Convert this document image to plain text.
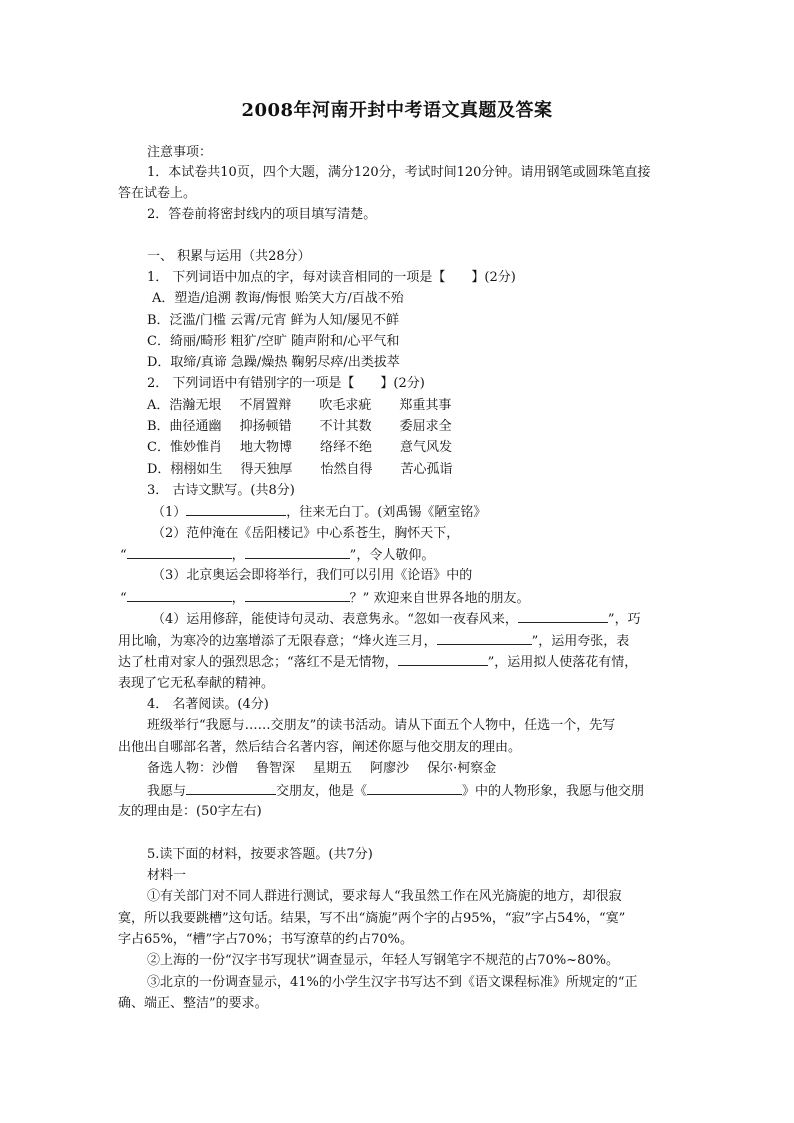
2008年河南开封中考语文真题及答案
注意事项：
1．本试卷共10页，四个大题，满分120分，考试时间120分钟。请用钢笔或圆珠笔直接
答在试卷上。
2．答卷前将密封线内的项目填写清楚。
一、 积累与运用（共28分）
1． 下列词语中加点的字，每对读音相同的一项是【　　】(2分)
A．塑造/追溯 教诲/悔恨 贻笑大方/百战不殆
B．泛滥/门槛 云霄/元宵 鲜为人知/屡见不鲜
C．绮丽/畸形 粗犷/空旷 随声附和/心平气和
D．取缔/真谛 急躁/燥热 鞠躬尽瘁/出类拔萃
2． 下列词语中有错别字的一项是【　　】(2分)
A．浩瀚无垠 不屑置辩 吹毛求疵 郑重其事
B．曲径通幽 抑扬顿错 不计其数 委屈求全
C．惟妙惟肖 地大物博 络绎不绝 意气风发
D．栩栩如生 得天独厚 怡然自得 苦心孤诣
3． 古诗文默写。(共8分)
（1）	，往来无白丁。(刘禹锡《陋室铭》
（2）范仲淹在《岳阳楼记》中心系苍生，胸怀天下，
“	，	”，令人敬仰。
（3）北京奥运会即将举行，我们可以引用《论语》中的
“	，	？” 欢迎来自世界各地的朋友。
（4）运用修辞，能使诗句灵动、表意隽永。“忽如一夜春风来，	”，巧
用比喻，为寒冷的边塞增添了无限春意；“烽火连三月，	”，运用夸张，表
达了杜甫对家人的强烈思念；“落红不是无情物，	”，运用拟人使落花有情，
表现了它无私奉献的精神。
4． 名著阅读。(4分)
班级举行“我愿与……交朋友”的读书活动。请从下面五个人物中，任选一个，先写
出他出自哪部名著，然后结合名著内容，阐述你愿与他交朋友的理由。
备选人物：沙僧 鲁智深 星期五 阿廖沙 保尔·柯察金
我愿与	交朋友，他是《	》中的人物形象，我愿与他交朋
友的理由是：(50字左右)
5.读下面的材料，按要求答题。(共7分)
材料一
①有关部门对不同人群进行测试，要求每人“我虽然工作在风光旖旎的地方，却很寂
寞，所以我要跳槽”这句话。结果，写不出“旖旎”两个字的占95%，“寂”字占54%，“寞”
字占65%，“槽”字占70%；书写潦草的约占70%。
②上海的一份“汉字书写现状”调查显示，年轻人写钢笔字不规范的占70%~80%。
③北京的一份调查显示，41%的小学生汉字书写达不到《语文课程标准》所规定的“正
确、端正、整洁”的要求。
